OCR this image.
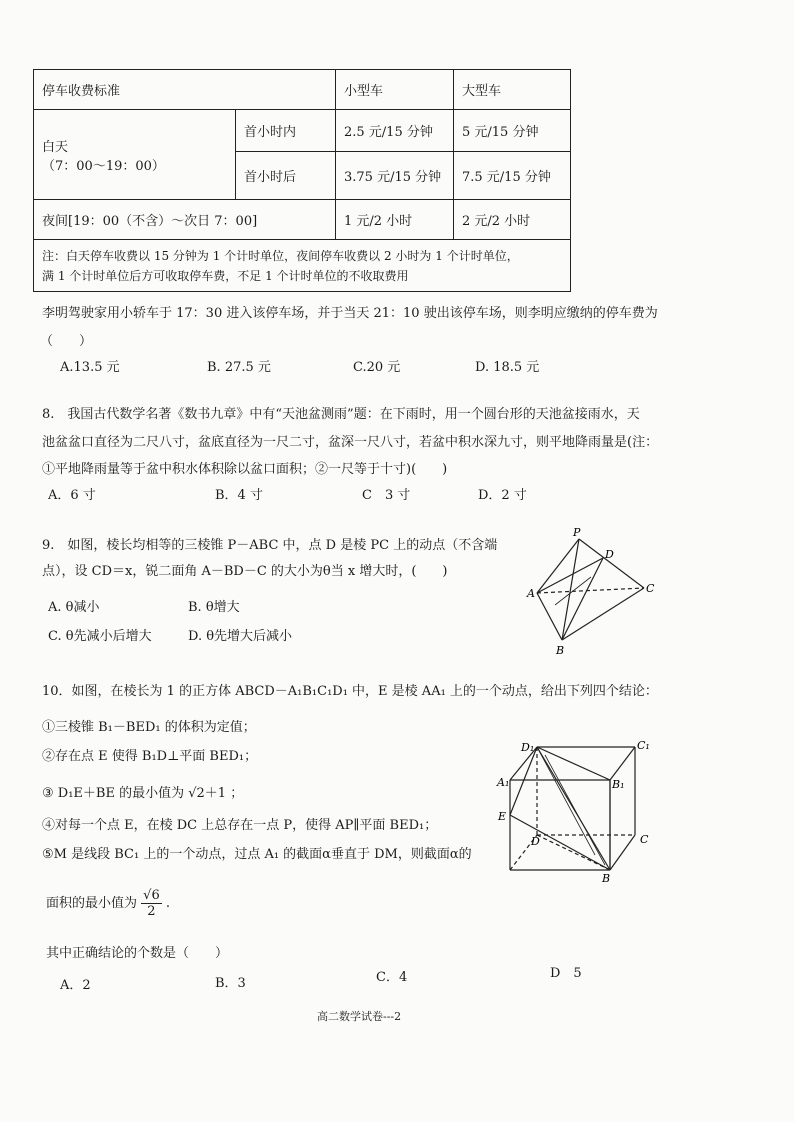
停车收费标准		小型车	大型车

白天
（7：00～19：00）	首小时内	2.5 元/15 分钟	5 元/15 分钟
	首小时后	3.75 元/15 分钟	7.5 元/15 分钟
夜间[19：00（不含）～次日 7：00]		1 元/2 小时	2 元/2 小时

注：白天停车收费以 15 分钟为 1 个计时单位，夜间停车收费以 2 小时为 1 个计时单位，
满 1 个计时单位后方可收取停车费，不足 1 个计时单位的不收取费用			
李明驾驶家用小轿车于 17：30 进入该停车场，并于当天 21：10 驶出该停车场，则李明应缴纳的停车费为
（　　）
A.13.5 元	B. 27.5 元	C.20 元	D. 18.5 元
8.　我国古代数学名著《数书九章》中有“天池盆测雨”题：在下雨时，用一个圆台形的天池盆接雨水，天
池盆盆口直径为二尺八寸，盆底直径为一尺二寸，盆深一尺八寸，若盆中积水深九寸，则平地降雨量是(注：
①平地降雨量等于盆中积水体积除以盆口面积；②一尺等于十寸)(　　)
A．6 寸	B．4 寸	C　3 寸	D．2 寸
9.　如图，棱长均相等的三棱锥 P－ABC 中，点 D 是棱 PC 上的动点（不含端
点），设 CD＝x，锐二面角 A－BD－C 的大小为θ当 x 增大时，(　　)
A. θ减小	B. θ增大
C. θ先减小后增大	D. θ先增大后减小
P
D
A	C
B
10．如图，在棱长为 1 的正方体 ABCD－A₁B₁C₁D₁ 中，E 是棱 AA₁ 上的一个动点，给出下列四个结论：
①三棱锥 B₁－BED₁ 的体积为定值；
②存在点 E 使得 B₁D⊥平面 BED₁；
③ D₁E＋BE 的最小值为 √2＋1 ；
④对每一个点 E，在棱 DC 上总存在一点 P，使得 AP∥平面 BED₁；
⑤M 是线段 BC₁ 上的一个动点，过点 A₁ 的截面α垂直于 DM，则截面α的
面积的最小值为 $\frac{√6}{2}$ .
其中正确结论的个数是（　　）
A．2	B．3	C．4	D　5
D₁	C₁
A₁	B₁
E
D	C
B
高二数学试卷---2
